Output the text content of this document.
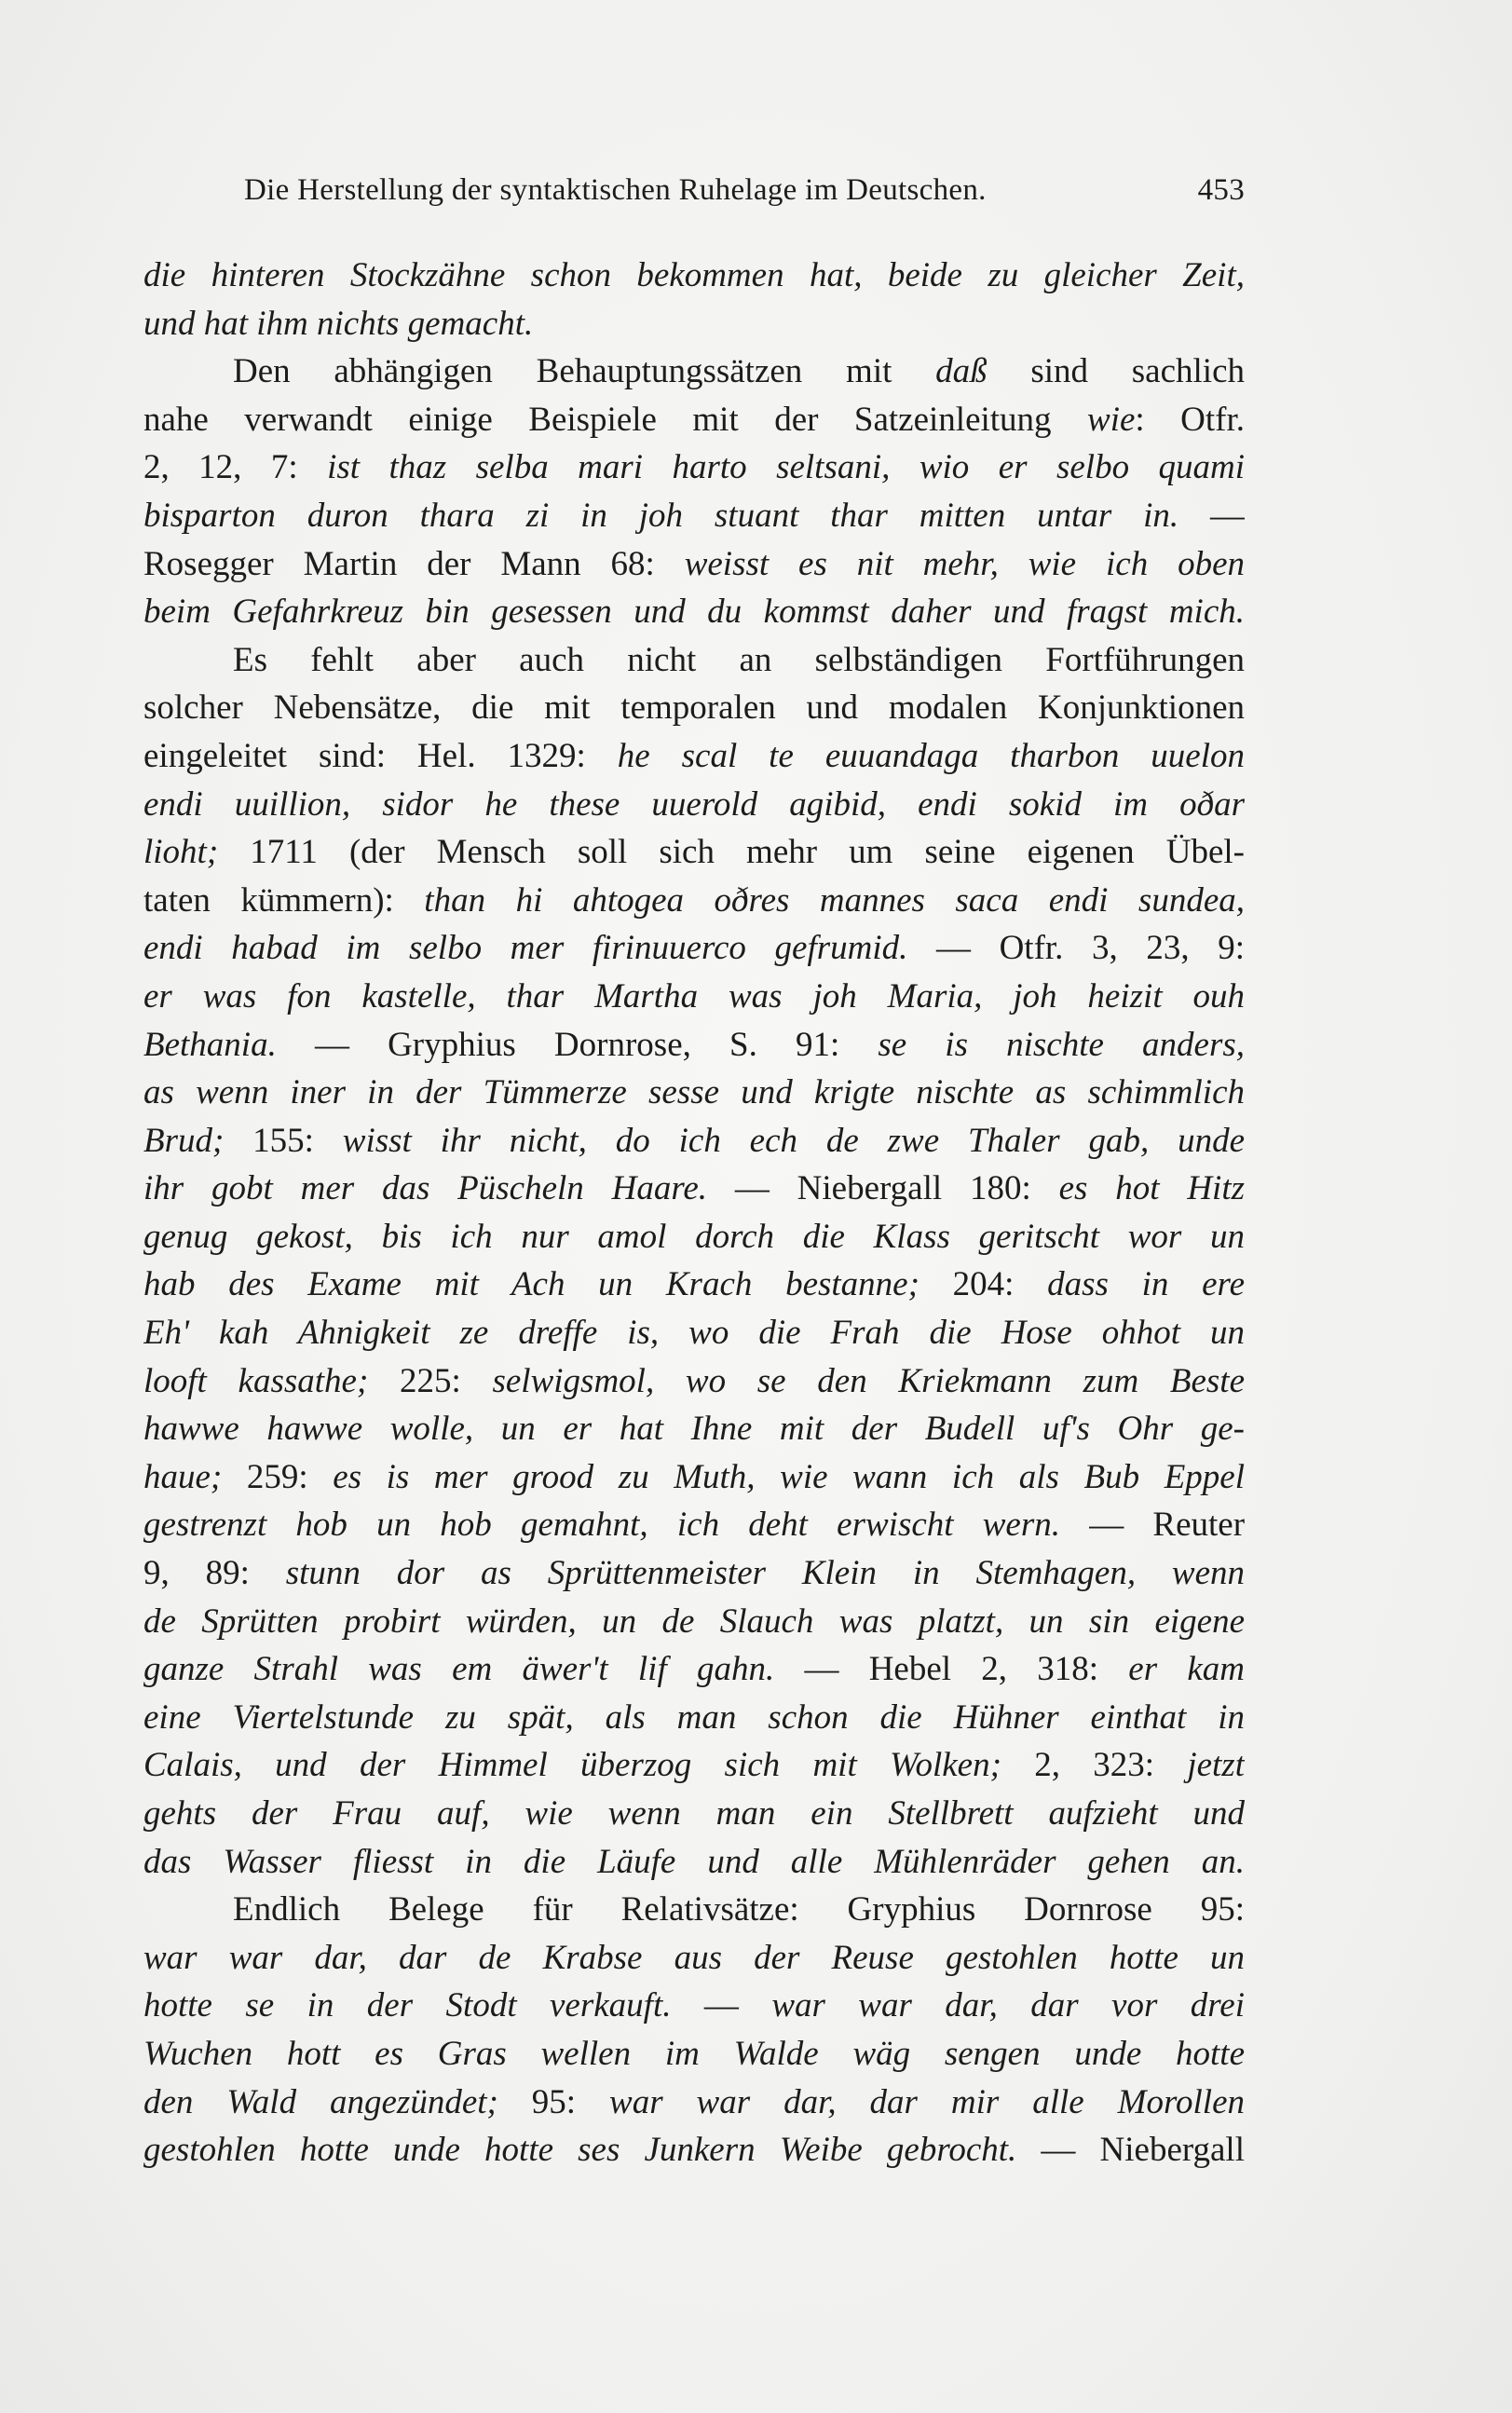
Die Herstellung der syntaktischen Ruhelage im Deutschen.	453
die hinteren Stockzähne schon bekommen hat, beide zu gleicher Zeit,
und hat ihm nichts gemacht.
Den abhängigen Behauptungssätzen mit daß sind sachlich
nahe verwandt einige Beispiele mit der Satzeinleitung wie: Otfr.
2, 12, 7: ist thaz selba mari harto seltsani, wio er selbo quami
bisparton duron thara zi in joh stuant thar mitten untar in. —
Rosegger Martin der Mann 68: weisst es nit mehr, wie ich oben
beim Gefahrkreuz bin gesessen und du kommst daher und fragst mich.
Es fehlt aber auch nicht an selbständigen Fortführungen
solcher Nebensätze, die mit temporalen und modalen Konjunktionen
eingeleitet sind: Hel. 1329: he scal te euuandaga tharbon uuelon
endi uuillion, sidor he these uuerold agibid, endi sokid im oðar
lioht; 1711 (der Mensch soll sich mehr um seine eigenen Übel-
taten kümmern): than hi ahtogea oðres mannes saca endi sundea,
endi habad im selbo mer firinuuerco gefrumid. — Otfr. 3, 23, 9:
er was fon kastelle, thar Martha was joh Maria, joh heizit ouh
Bethania. — Gryphius Dornrose, S. 91: se is nischte anders,
as wenn iner in der Tümmerze sesse und krigte nischte as schimmlich
Brud; 155: wisst ihr nicht, do ich ech de zwe Thaler gab, unde
ihr gobt mer das Püscheln Haare. — Niebergall 180: es hot Hitz
genug gekost, bis ich nur amol dorch die Klass geritscht wor un
hab des Exame mit Ach un Krach bestanne; 204: dass in ere
Eh' kah Ahnigkeit ze dreffe is, wo die Frah die Hose ohhot un
looft kassathe; 225: selwigsmol, wo se den Kriekmann zum Beste
hawwe hawwe wolle, un er hat Ihne mit der Budell uf's Ohr ge-
haue; 259: es is mer grood zu Muth, wie wann ich als Bub Eppel
gestrenzt hob un hob gemahnt, ich deht erwischt wern. — Reuter
9, 89: stunn dor as Sprüttenmeister Klein in Stemhagen, wenn
de Sprütten probirt würden, un de Slauch was platzt, un sin eigene
ganze Strahl was em äwer't lif gahn. — Hebel 2, 318: er kam
eine Viertelstunde zu spät, als man schon die Hühner einthat in
Calais, und der Himmel überzog sich mit Wolken; 2, 323: jetzt
gehts der Frau auf, wie wenn man ein Stellbrett aufzieht und
das Wasser fliesst in die Läufe und alle Mühlenräder gehen an.
Endlich Belege für Relativsätze: Gryphius Dornrose 95:
war war dar, dar de Krabse aus der Reuse gestohlen hotte un
hotte se in der Stodt verkauft. — war war dar, dar vor drei
Wuchen hott es Gras wellen im Walde wäg sengen unde hotte
den Wald angezündet; 95: war war dar, dar mir alle Morollen
gestohlen hotte unde hotte ses Junkern Weibe gebrocht. — Niebergall
